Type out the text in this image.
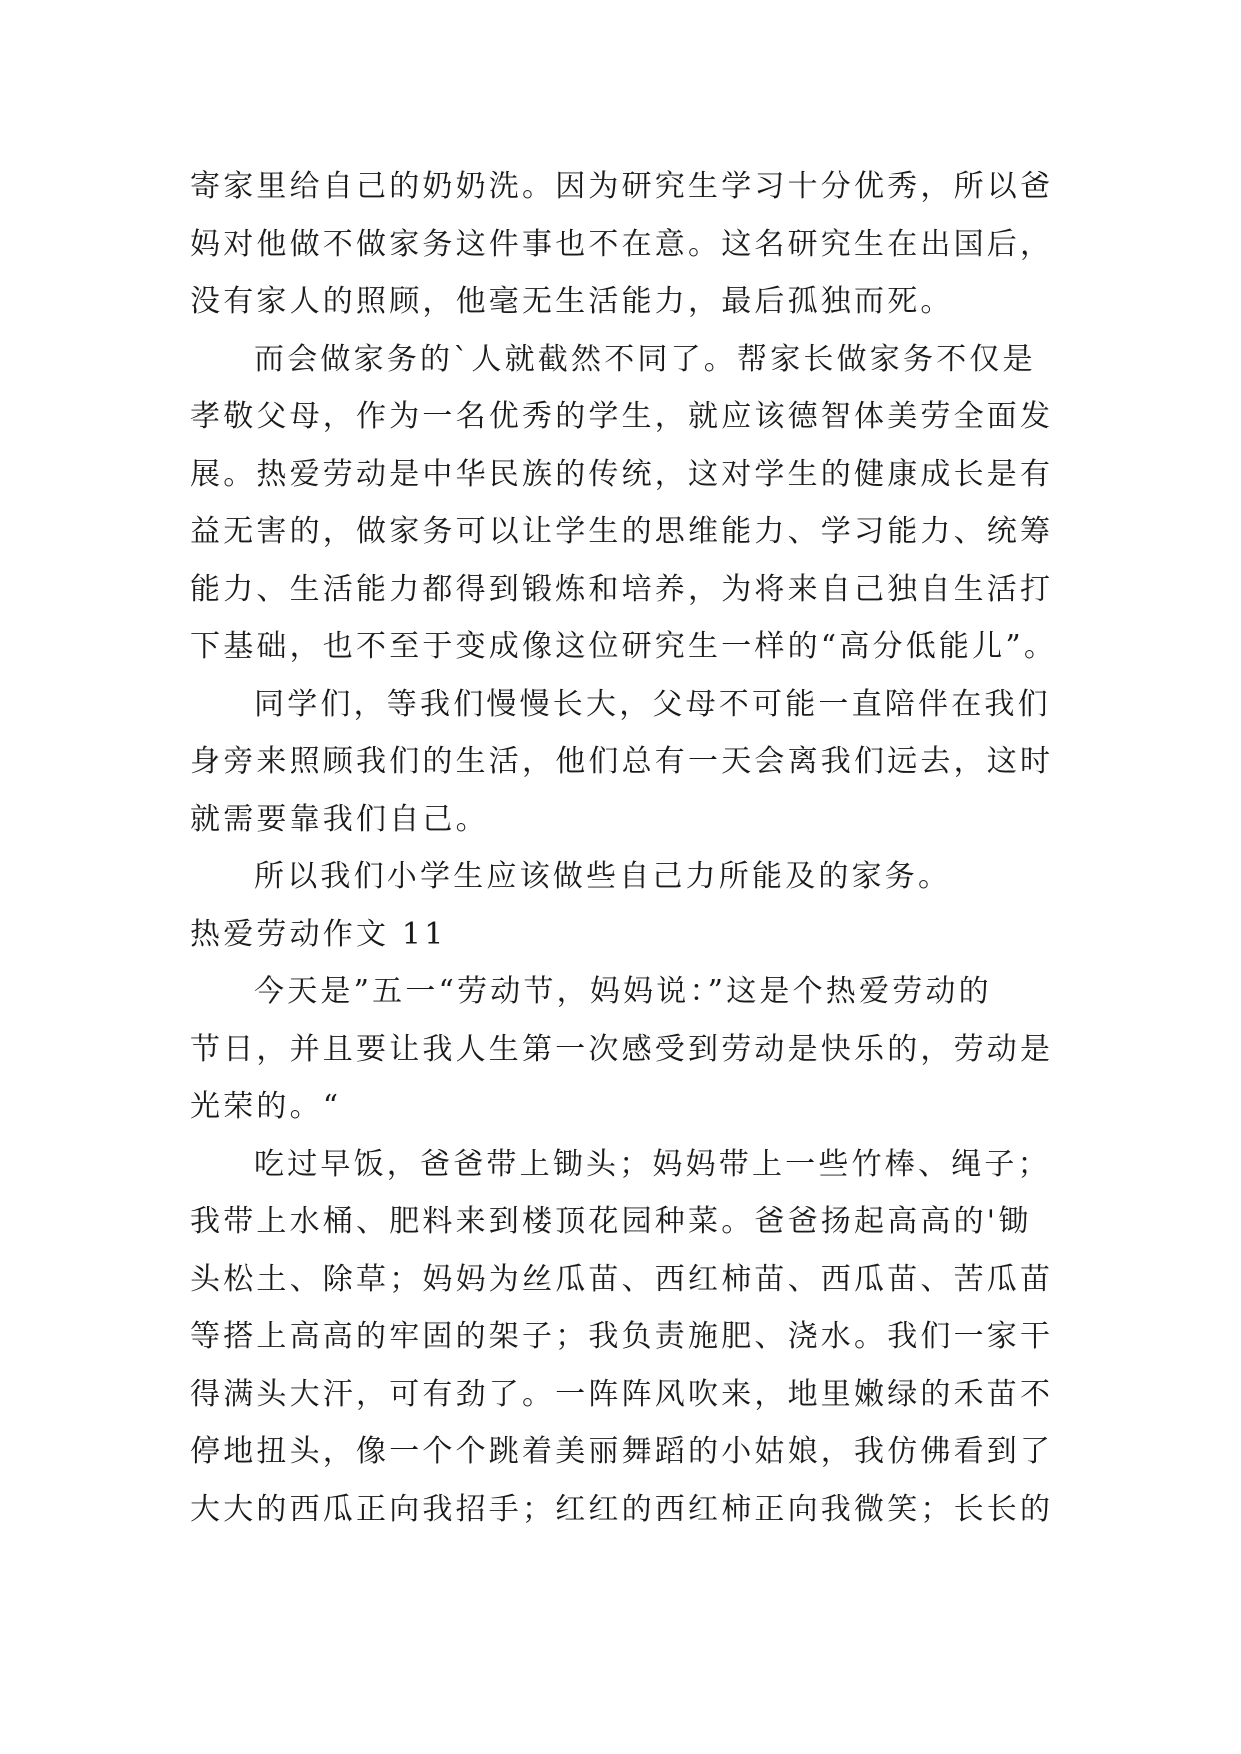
寄家里给自己的奶奶洗。因为研究生学习十分优秀，所以爸
妈对他做不做家务这件事也不在意。这名研究生在出国后，
没有家人的照顾，他毫无生活能力，最后孤独而死。
而会做家务的`人就截然不同了。帮家长做家务不仅是
孝敬父母，作为一名优秀的学生，就应该德智体美劳全面发
展。热爱劳动是中华民族的传统，这对学生的健康成长是有
益无害的，做家务可以让学生的思维能力、学习能力、统筹
能力、生活能力都得到锻炼和培养，为将来自己独自生活打
下基础，也不至于变成像这位研究生一样的“高分低能儿”。
同学们，等我们慢慢长大，父母不可能一直陪伴在我们
身旁来照顾我们的生活，他们总有一天会离我们远去，这时
就需要靠我们自己。
所以我们小学生应该做些自己力所能及的家务。
热爱劳动作文 11
今天是”五一“劳动节，妈妈说：”这是个热爱劳动的
节日，并且要让我人生第一次感受到劳动是快乐的，劳动是
光荣的。“
吃过早饭，爸爸带上锄头；妈妈带上一些竹棒、绳子；
我带上水桶、肥料来到楼顶花园种菜。爸爸扬起高高的'锄
头松土、除草；妈妈为丝瓜苗、西红柿苗、西瓜苗、苦瓜苗
等搭上高高的牢固的架子；我负责施肥、浇水。我们一家干
得满头大汗，可有劲了。一阵阵风吹来，地里嫩绿的禾苗不
停地扭头，像一个个跳着美丽舞蹈的小姑娘，我仿佛看到了
大大的西瓜正向我招手；红红的西红柿正向我微笑；长长的
